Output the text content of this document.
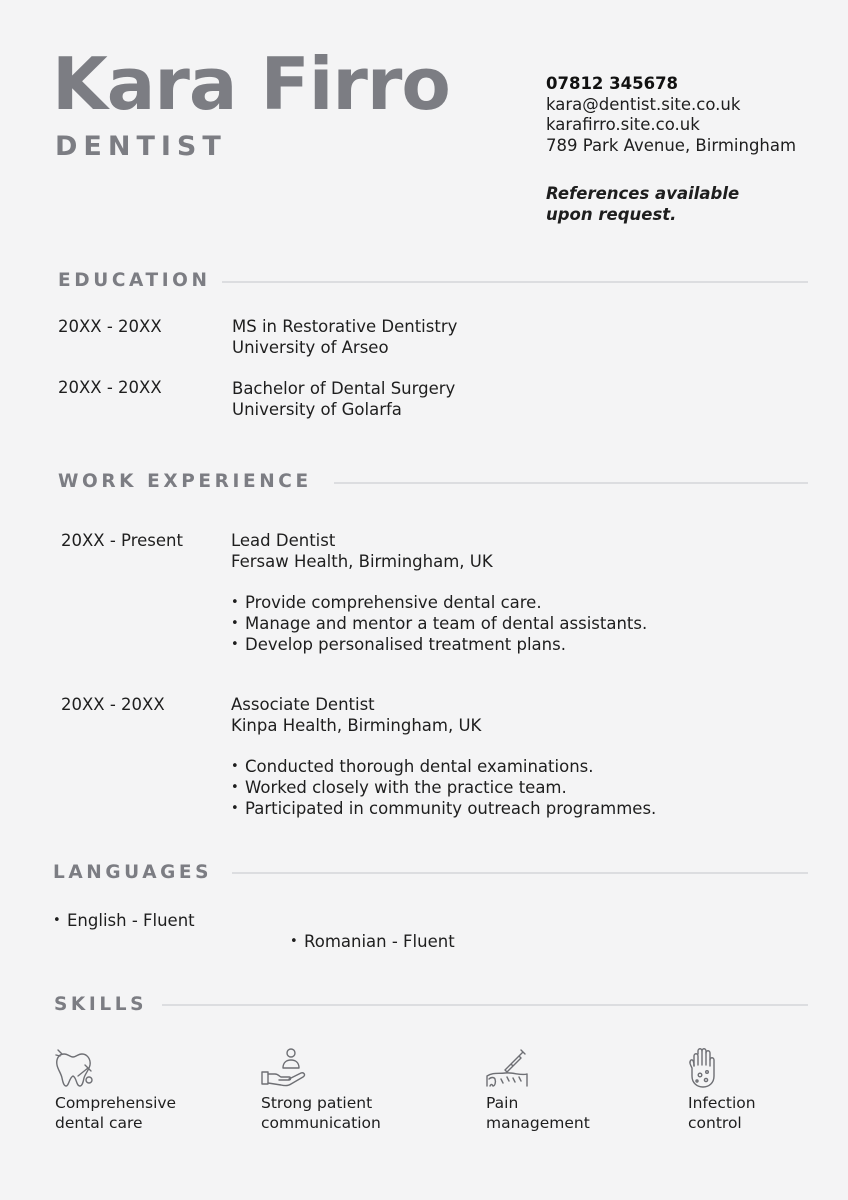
Kara Firro
DENTIST
07812 345678
kara@dentist.site.co.uk
karafirro.site.co.uk
789 Park Avenue, Birmingham
References available
upon request.
EDUCATION
20XX - 20XX	MS in Restorative Dentistry
University of Arseo
20XX - 20XX	Bachelor of Dental Surgery
University of Golarfa
WORK EXPERIENCE
20XX - Present	Lead Dentist
Fersaw Health, Birmingham, UK
• Provide comprehensive dental care.
• Manage and mentor a team of dental assistants.
• Develop personalised treatment plans.
20XX - 20XX	Associate Dentist
Kinpa Health, Birmingham, UK
• Conducted thorough dental examinations.
• Worked closely with the practice team.
• Participated in community outreach programmes.
LANGUAGES
• English - Fluent
• Romanian - Fluent
SKILLS
Comprehensive
dental care
Strong patient
communication
Pain
management
Infection
control
